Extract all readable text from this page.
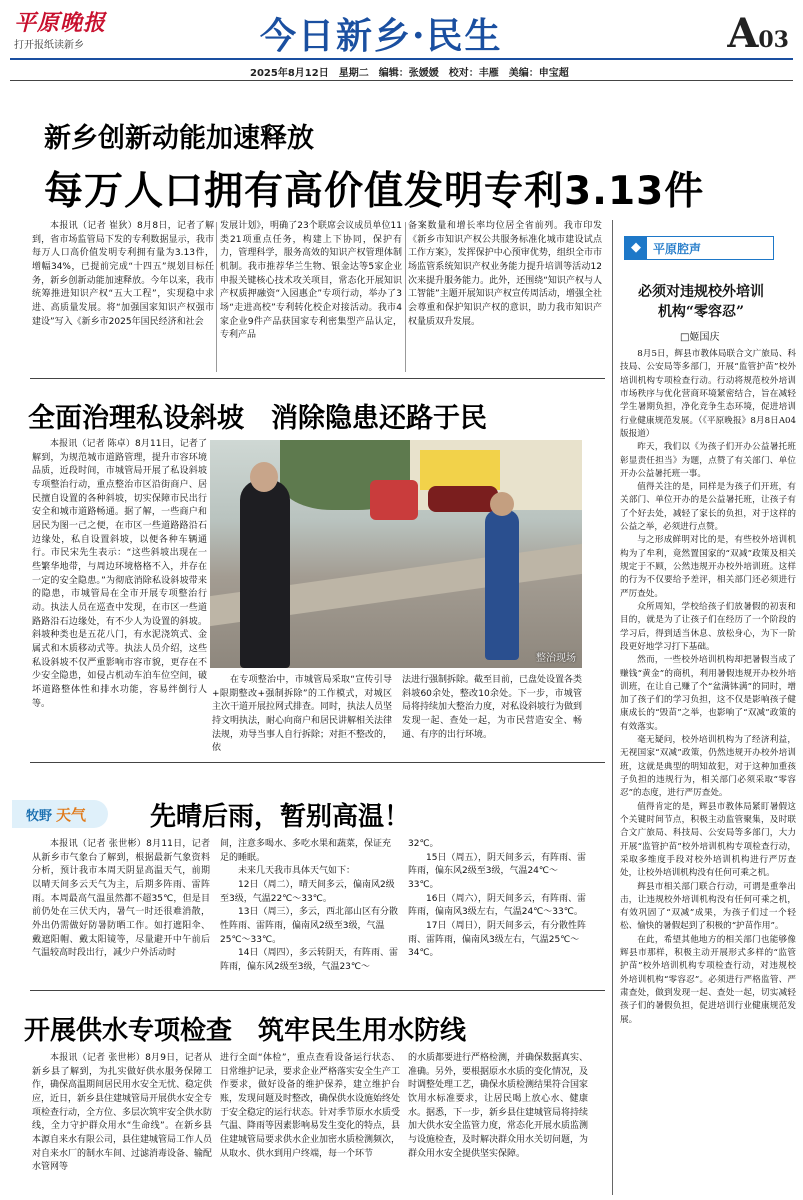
平原晚报
打开报纸读新乡	今日新乡·民生	A03
2025年8月12日　星期二　编辑：张媛媛　校对：丰雁　美编：申宝超
新乡创新动能加速释放
每万人口拥有高价值发明专利3.13件
本报讯（记者 崔狄）8月8日，记者了解到，省市场监管局下发的专利数据显示，我市每万人口高价值发明专利拥有量为3.13件，增幅34%，已提前完成“十四五”规划目标任务，新乡创新动能加速释放。今年以来，我市统筹推进知识产权“五大工程”，实现稳中求进、高质量发展。将“加强国家知识产权强市建设”写入《新乡市2025年国民经济和社会
发展计划》，明确了23个联席会议成员单位11类21项重点任务，构建上下协同，保护有力，管理科学，服务高效的知识产权管理体制机制。我市推荐华兰生物、银金达等5家企业申报关键核心技术攻关项目，常态化开展知识产权质押融资“入园惠企”专项行动，举办了3场“走进高校”专利转化校企对接活动。我市4家企业9件产品获国家专利密集型产品认定，专利产品
备案数量和增长率均位居全省前列。我市印发《新乡市知识产权公共服务标准化城市建设试点工作方案》，发挥保护中心预审优势，组织全市市场监管系统知识产权业务能力提升培训等活动12次来提升服务能力。此外，还围绕“知识产权与人工智能”主题开展知识产权宣传周活动，增强全社会尊重和保护知识产权的意识，助力我市知识产权量质双升发展。
全面治理私设斜坡　消除隐患还路于民
本报讯（记者 陈卓）8月11日，记者了解到，为规范城市道路管理，提升市容环境品质，近段时间，市城管局开展了私设斜坡专项整治行动，重点整治市区沿街商户、居民擅自设置的各种斜坡，切实保障市民出行安全和城市道路畅通。据了解，一些商户和居民为图一己之便，在市区一些道路路沿石边缘处，私自设置斜坡，以便各种车辆通行。市民宋先生表示：“这些斜坡出现在一些繁华地带，与周边环境格格不入，并存在一定的安全隐患。”为彻底消除私设斜坡带来的隐患，市城管局在全市开展专项整治行动。执法人员在巡查中发现，在市区一些道路路沿石边缘处，有不少人为设置的斜坡。斜坡种类也是五花八门，有水泥浇筑式、金属式和木质移动式等。执法人员介绍，这些私设斜坡不仅严重影响市容市貌，更存在不少安全隐患，如侵占机动车泊车位空间，破坏道路整体性和排水功能，容易绊倒行人等。
整治现场
在专项整治中，市城管局采取“宣传引导+限期整改+强制拆除”的工作模式，对城区主次干道开展拉网式排查。同时，执法人员坚持文明执法，耐心向商户和居民讲解相关法律法规，劝导当事人自行拆除；对拒不整改的，依
法进行强制拆除。截至目前，已盘处设置各类斜坡60余处，整改10余处。下一步，市城管局将持续加大整治力度，对私设斜坡行为做到发现一起、查处一起，为市民营造安全、畅通、有序的出行环境。
牧野 天气 先晴后雨，暂别高温！
本报讯（记者 张世彬）8月11日，记者从新乡市气象台了解到，根据最新气象资料分析，预计我市本周天阴显高温天气，前期以晴天间多云天气为主，后期多阵雨、雷阵雨。本周最高气温虽然都不超35℃，但是目前仍处在三伏天内，暑气一时还很难消散，外出仍需做好防暑防晒工作。如打遮阳伞、戴遮阳帽、戴太阳镜等，尽量避开中午前后气温较高时段出行，减少户外活动时

间，注意多喝水、多吃水果和蔬菜，保证充足的睡眠。

未来几天我市具体天气如下：

12日（周二），晴天间多云，偏南风2级至3级，气温22℃～33℃。

13日（周三），多云，西北部山区有分散性阵雨、雷阵雨，偏南风2级至3级，气温25℃～33℃。

14日（周四），多云转阴天，有阵雨、雷阵雨，偏东风2级至3级，气温23℃～

32℃。

15日（周五），阴天间多云，有阵雨、雷阵雨，偏东风2级至3级，气温24℃～33℃。

16日（周六），阴天间多云，有阵雨、雷阵雨，偏南风3级左右，气温24℃～33℃。

17日（周日），阴天间多云，有分散性阵雨、雷阵雨，偏南风3级左右，气温25℃～34℃。

开展供水专项检查　筑牢民生用水防线
本报讯（记者 张世彬）8月9日，记者从新乡县了解到，为扎实做好供水服务保障工作，确保高温期间居民用水安全无忧、稳定供应，近日，新乡县住建城管局开展供水安全专项检查行动，全方位、多层次筑牢安全供水防线，全力守护群众用水“生命线”。在新乡县本源自来水有限公司，县住建城管局工作人员对自来水厂的制水车间、过滤消毒设备、输配水管网等
进行全面“体检”，重点查看设备运行状态、日常维护记录，要求企业严格落实安全生产工作要求，做好设备的维护保养，建立维护台账，发现问题及时整改，确保供水设施始终处于安全稳定的运行状态。针对季节原水水质受气温、降雨等因素影响易发生变化的特点，县住建城管局要求供水企业加密水质检测频次，从取水、供水到用户终端，每一个环节
的水质都要进行严格检测，并确保数据真实、准确。另外，要根据原水水质的变化情况，及时调整处理工艺，确保水质检测结果符合国家饮用水标准要求，让居民喝上放心水、健康水。据悉，下一步，新乡县住建城管局将持续加大供水安全监管力度，常态化开展水质监测与设施检查，及时解决群众用水关切问题，为群众用水安全提供坚实保障。
◆	平原腔声
必须对违规校外培训机构“零容忍”
□姬国庆

8月5日，辉县市教体局联合文广旅局、科技局、公安局等多部门，开展“监管护苗”校外培训机构专项检查行动。行动将规范校外培训市场秩序与优化营商环境紧密结合，旨在减轻学生暑期负担，净化竞争生态环境，促进培训行业健康规范发展。（《平原晚报》8月8日A04版报道）

昨天，我们以《为孩子们开办公益暑托班彰显责任担当》为题，点赞了有关部门、单位开办公益暑托班一事。

值得关注的是，同样是为孩子们开班，有关部门、单位开办的是公益暑托班，让孩子有了个好去处，减轻了家长的负担，对于这样的公益之举，必须进行点赞。

与之形成鲜明对比的是，有些校外培训机构为了牟利，竟然置国家的“双减”政策及相关规定于不顾，公然违规开办校外培训班。这样的行为不仅要给予差评，相关部门还必须进行严厉查处。

众所周知，学校给孩子们放暑假的初衷和目的，就是为了让孩子们在经历了一个阶段的学习后，得到适当休息、放松身心，为下一阶段更好地学习打下基础。

然而，一些校外培训机构却把暑假当成了赚钱“黄金”的商机，利用暑假违规开办校外培训班，在让自己赚了个“盆满钵满”的同时，增加了孩子们的学习负担，这不仅是影响孩子健康成长的“毁苗”之举，也影响了“双减”政策的有效落实。

毫无疑问，校外培训机构为了经济利益，无视国家“双减”政策，仍然违规开办校外培训班，这就是典型的明知故犯，对于这种加重孩子负担的违规行为，相关部门必须采取“零容忍”的态度，进行严厉查处。

值得肯定的是，辉县市教体局紧盯暑假这个关键时间节点，积极主动监管聚集，及时联合文广旅局、科技局、公安局等多部门，大力开展“监管护苗”校外培训机构专项检查行动，采取多维度手段对校外培训机构进行严厉查处，让校外培训机构没有任何可乘之机。

辉县市相关部门联合行动，可谓是重拳出击，让违规校外培训机构没有任何可乘之机，有效巩固了“双减”成果，为孩子们过一个轻松、愉快的暑假起到了积极的“护苗作用”。

在此，希望其他地方的相关部门也能够像辉县市那样，积极主动开展形式多样的“监管护苗”校外培训机构专项检查行动，对违规校外培训机构“零容忍”。必须进行严格监管、严肃查处，做到发现一起、查处一起，切实减轻孩子们的暑假负担，促进培训行业健康规范发展。
